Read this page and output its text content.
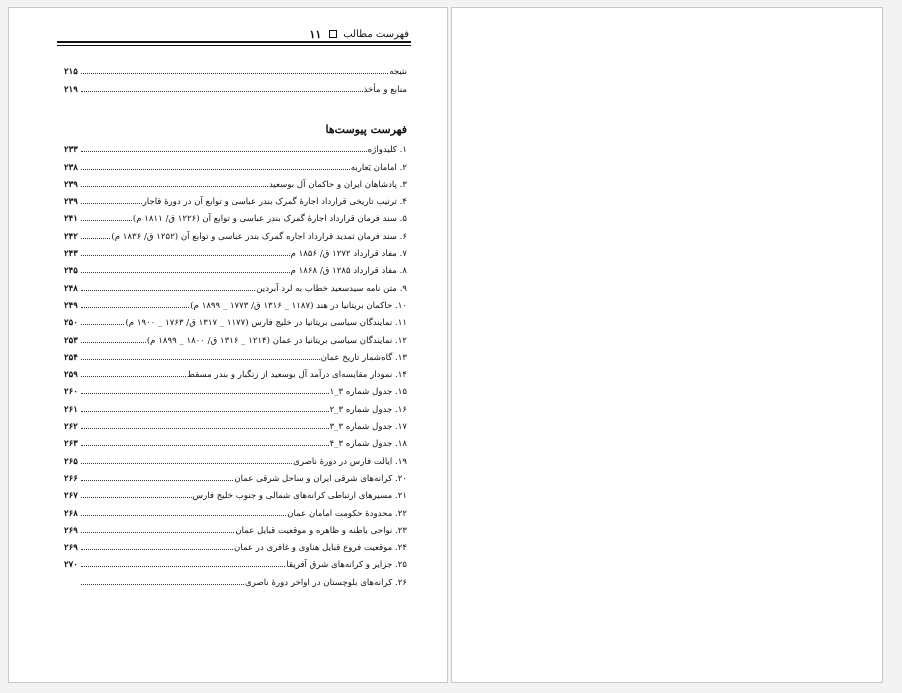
فهرست مطالب
۱۱
نتیجه
۲۱۵
منابع و مأخذ
۲۱۹
فهرست پیوست‌ها
۱. کلیدواژه
۲۳۳
۲. امامان یَعاربه
۲۳۸
۳. پادشاهان ایران و حاکمان آل بوسعید
۲۳۹
۴. ترتیب تاریخی قرارداد اجارهٔ گمرک بندر عباسی و توابع آن در دورهٔ قاجار
۲۳۹
۵. سند فرمان قرارداد اجارهٔ گمرک بندر عباسی و توابع آن (۱۲۲۶ ق/ ۱۸۱۱ م)
۲۴۱
۶. سند فرمان تمدید قرارداد اجاره گمرک بندر عباسی و توابع آن (۱۲۵۲ ق/ ۱۸۳۶ م)
۲۴۲
۷. مفاد قرارداد ۱۲۷۲ ق/ ۱۸۵۶ م
۲۴۳
۸. مفاد قرارداد ۱۲۸۵ ق/ ۱۸۶۸ م
۲۴۵
۹. متن نامه سیدسعید خطاب به لرد آبردین
۲۴۸
۱۰. حاکمان بریتانیا در هند (۱۱۸۷ _ ۱۳۱۶ ق/ ۱۷۷۳ _ ۱۸۹۹ م)
۲۴۹
۱۱. نمایندگان سیاسی بریتانیا در خلیج فارس (۱۱۷۷ _ ۱۳۱۷ ق/ ۱۷۶۳ _ ۱۹۰۰ م)
۲۵۰
۱۲. نمایندگان سیاسی بریتانیا در عمان (۱۲۱۴ _ ۱۳۱۶ ق/ ۱۸۰۰ _ ۱۸۹۹ م)
۲۵۳
۱۳. گاه‌شمار تاریخ عمان
۲۵۴
۱۴. نمودار مقایسه‌ای درآمد آل بوسعید از زنگبار و بندر مسقط
۲۵۹
۱۵. جدول شماره ۳_۱
۲۶۰
۱۶. جدول شماره ۳_۲
۲۶۱
۱۷. جدول شماره ۳_۳
۲۶۲
۱۸. جدول شماره ۳_۴
۲۶۳
۱۹. ایالت فارس در دورهٔ ناصری
۲۶۵
۲۰. کرانه‌های شرقی ایران و ساحل شرقی عمان
۲۶۶
۲۱. مسیرهای ارتباطی کرانه‌های شمالی و جنوب خلیج فارس
۲۶۷
۲۲. محدودهٔ حکومت امامان عمان
۲۶۸
۲۳. نواحی باطنه و ظاهره و موقعیت قبایل عمان
۲۶۹
۲۴. موقعیت فروع قبایل هناوی و غافری در عمان
۲۶۹
۲۵. جزایر و کرانه‌های شرق آفریقا
۲۷۰
۲۶. کرانه‌های بلوچستان در اواخر دورهٔ ناصری
